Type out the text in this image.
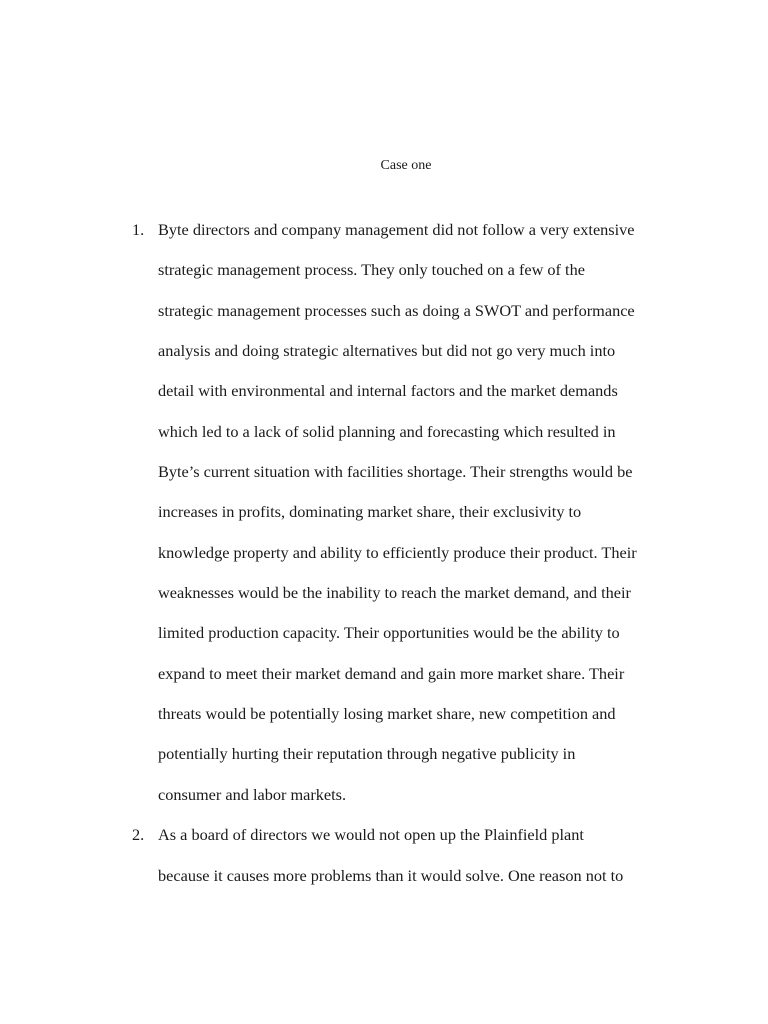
Case one
1. Byte directors and company management did not follow a very extensive
strategic management process. They only touched on a few of the
strategic management processes such as doing a SWOT and performance
analysis and doing strategic alternatives but did not go very much into
detail with environmental and internal factors and the market demands
which led to a lack of solid planning and forecasting which resulted in
Byte’s current situation with facilities shortage. Their strengths would be
increases in profits, dominating market share, their exclusivity to
knowledge property and ability to efficiently produce their product. Their
weaknesses would be the inability to reach the market demand, and their
limited production capacity. Their opportunities would be the ability to
expand to meet their market demand and gain more market share. Their
threats would be potentially losing market share, new competition and
potentially hurting their reputation through negative publicity in
consumer and labor markets.
2. As a board of directors we would not open up the Plainfield plant
because it causes more problems than it would solve. One reason not to
